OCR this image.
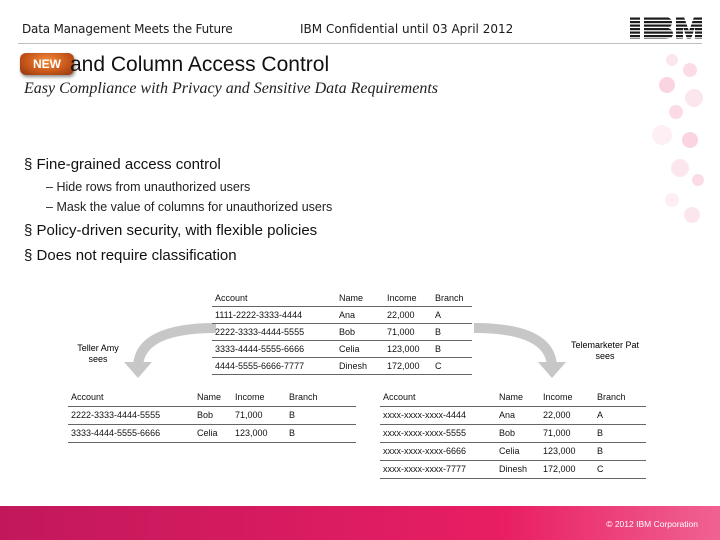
Data Management Meets the Future	IBM Confidential until 03 April 2012
NEW and Column Access Control
Easy Compliance with Privacy and Sensitive Data Requirements
§ Fine-grained access control
– Hide rows from unauthorized users
– Mask the value of columns for unauthorized users
§ Policy-driven security, with flexible policies
§ Does not require classification
Teller Amy
sees
Telemarketer Pat
sees
Account	Name	Income	Branch
1111-2222-3333-4444	Ana	22,000	A
2222-3333-4444-5555	Bob	71,000	B
3333-4444-5555-6666	Celia	123,000	B
4444-5555-6666-7777	Dinesh	172,000	C
Account	Name	Income	Branch
2222-3333-4444-5555	Bob	71,000	B
3333-4444-5555-6666	Celia	123,000	B
Account	Name	Income	Branch
xxxx-xxxx-xxxx-4444	Ana	22,000	A
xxxx-xxxx-xxxx-5555	Bob	71,000	B
xxxx-xxxx-xxxx-6666	Celia	123,000	B
xxxx-xxxx-xxxx-7777	Dinesh	172,000	C
© 2012 IBM Corporation
